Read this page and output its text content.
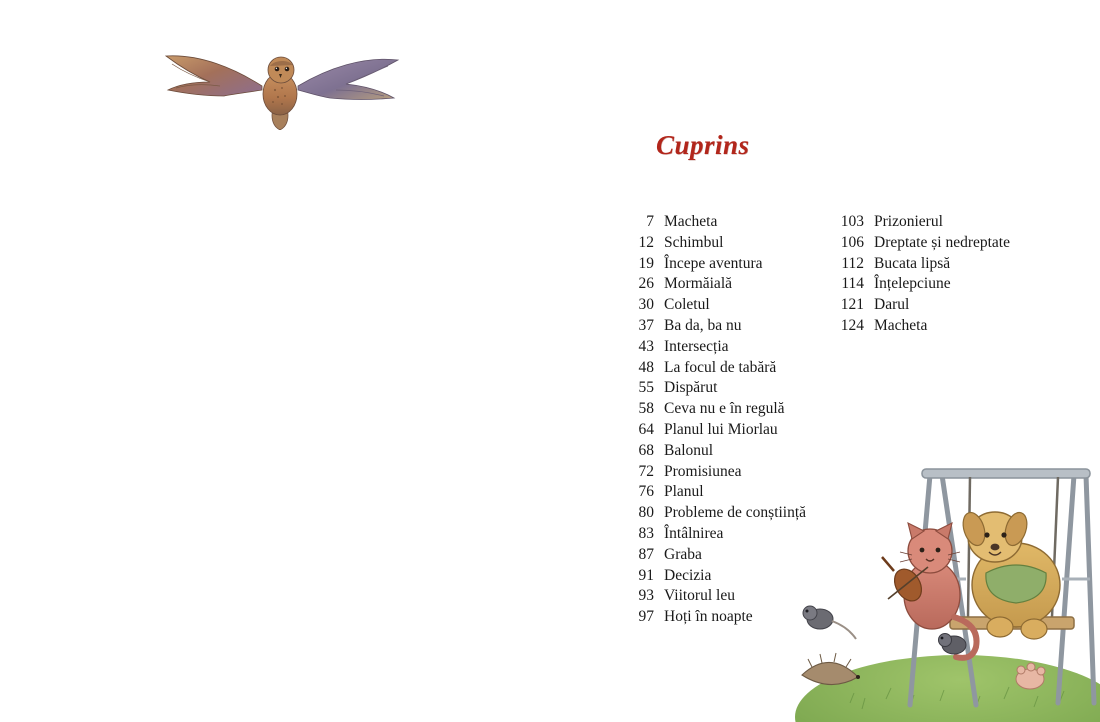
Cuprins
7 Macheta
12 Schimbul
19 Începe aventura
26 Mormăială
30 Coletul
37 Ba da, ba nu
43 Intersecția
48 La focul de tabără
55 Dispărut
58 Ceva nu e în regulă
64 Planul lui Miorlau
68 Balonul
72 Promisiunea
76 Planul
80 Probleme de conștiință
83 Întâlnirea
87 Graba
91 Decizia
93 Viitorul leu
97 Hoți în noapte
103 Prizonierul
106 Dreptate și nedreptate
112 Bucata lipsă
114 Înțelepciune
121 Darul
124 Macheta
